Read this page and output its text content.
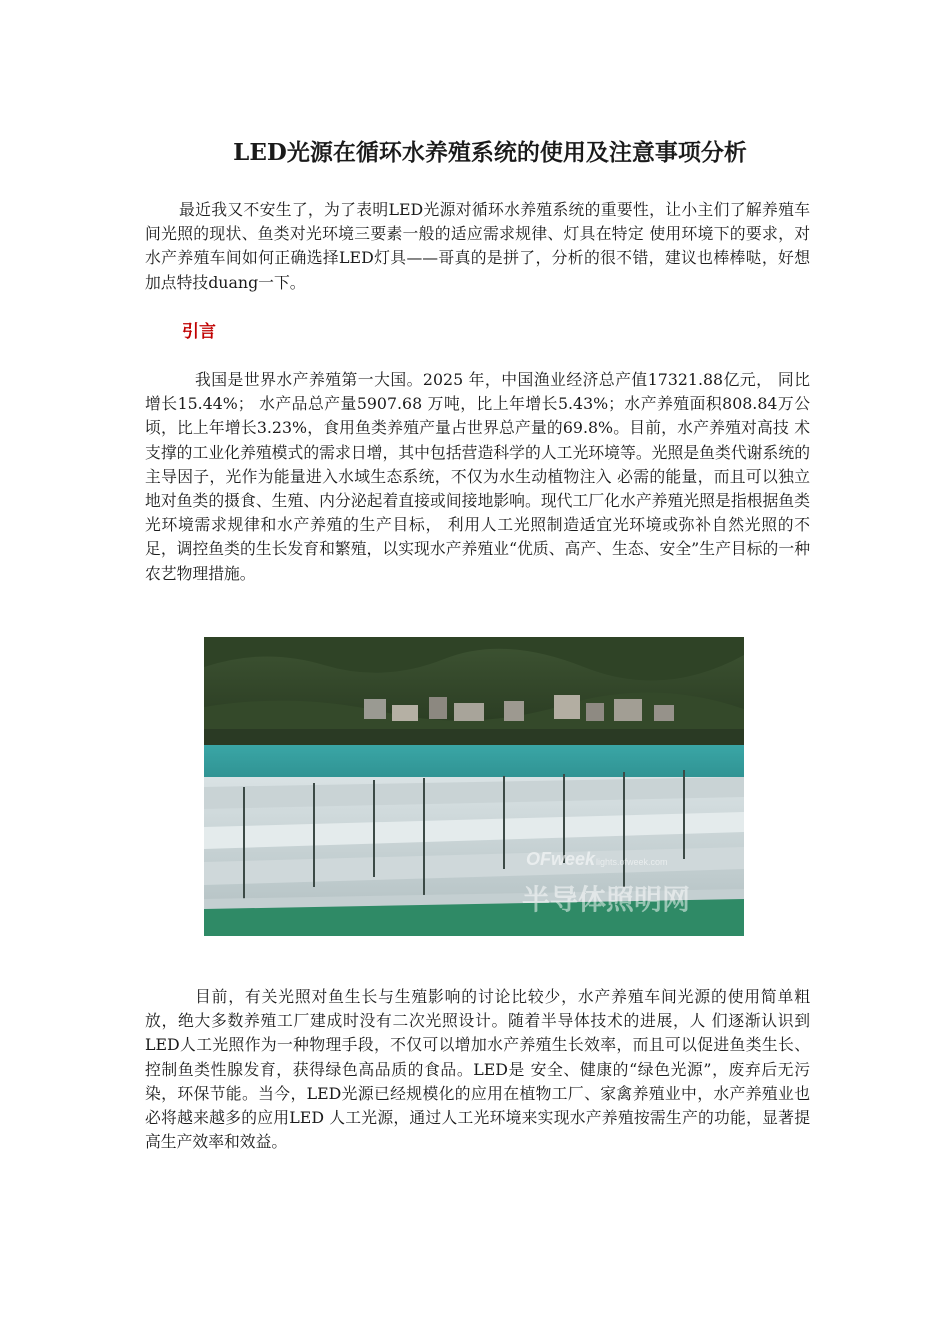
LED光源在循环水养殖系统的使用及注意事项分析

最近我又不安生了，为了表明LED光源对循环水养殖系统的重要性，让小主们了解养殖车间光照的现状、鱼类对光环境三要素一般的适应需求规律、灯具在特定 使用环境下的要求，对水产养殖车间如何正确选择LED灯具——哥真的是拼了，分析的很不错，建议也棒棒哒，好想加点特技duang一下。

引言

我国是世界水产养殖第一大国。2025 年，中国渔业经济总产值17321.88亿元， 同比增长15.44%； 水产品总产量5907.68 万吨，比上年增长5.43%；水产养殖面积808.84万公顷，比上年增长3.23%，食用鱼类养殖产量占世界总产量的69.8%。目前，水产养殖对高技 术支撑的工业化养殖模式的需求日增，其中包括营造科学的人工光环境等。光照是鱼类代谢系统的主导因子，光作为能量进入水域生态系统，不仅为水生动植物注入 必需的能量，而且可以独立地对鱼类的摄食、生殖、内分泌起着直接或间接地影响。现代工厂化水产养殖光照是指根据鱼类光环境需求规律和水产养殖的生产目标， 利用人工光照制造适宜光环境或弥补自然光照的不足，调控鱼类的生长发育和繁殖，以实现水产养殖业“优质、高产、生态、安全”生产目标的一种农艺物理措施。

OFweek lights.ofweek.com
半导体照明网

目前，有关光照对鱼生长与生殖影响的讨论比较少，水产养殖车间光源的使用简单粗放，绝大多数养殖工厂建成时没有二次光照设计。随着半导体技术的进展，人 们逐渐认识到LED人工光照作为一种物理手段，不仅可以增加水产养殖生长效率，而且可以促进鱼类生长、控制鱼类性腺发育，获得绿色高品质的食品。LED是 安全、健康的“绿色光源”，废弃后无污染，环保节能。当今，LED光源已经规模化的应用在植物工厂、家禽养殖业中，水产养殖业也必将越来越多的应用LED 人工光源，通过人工光环境来实现水产养殖按需生产的功能，显著提高生产效率和效益。
